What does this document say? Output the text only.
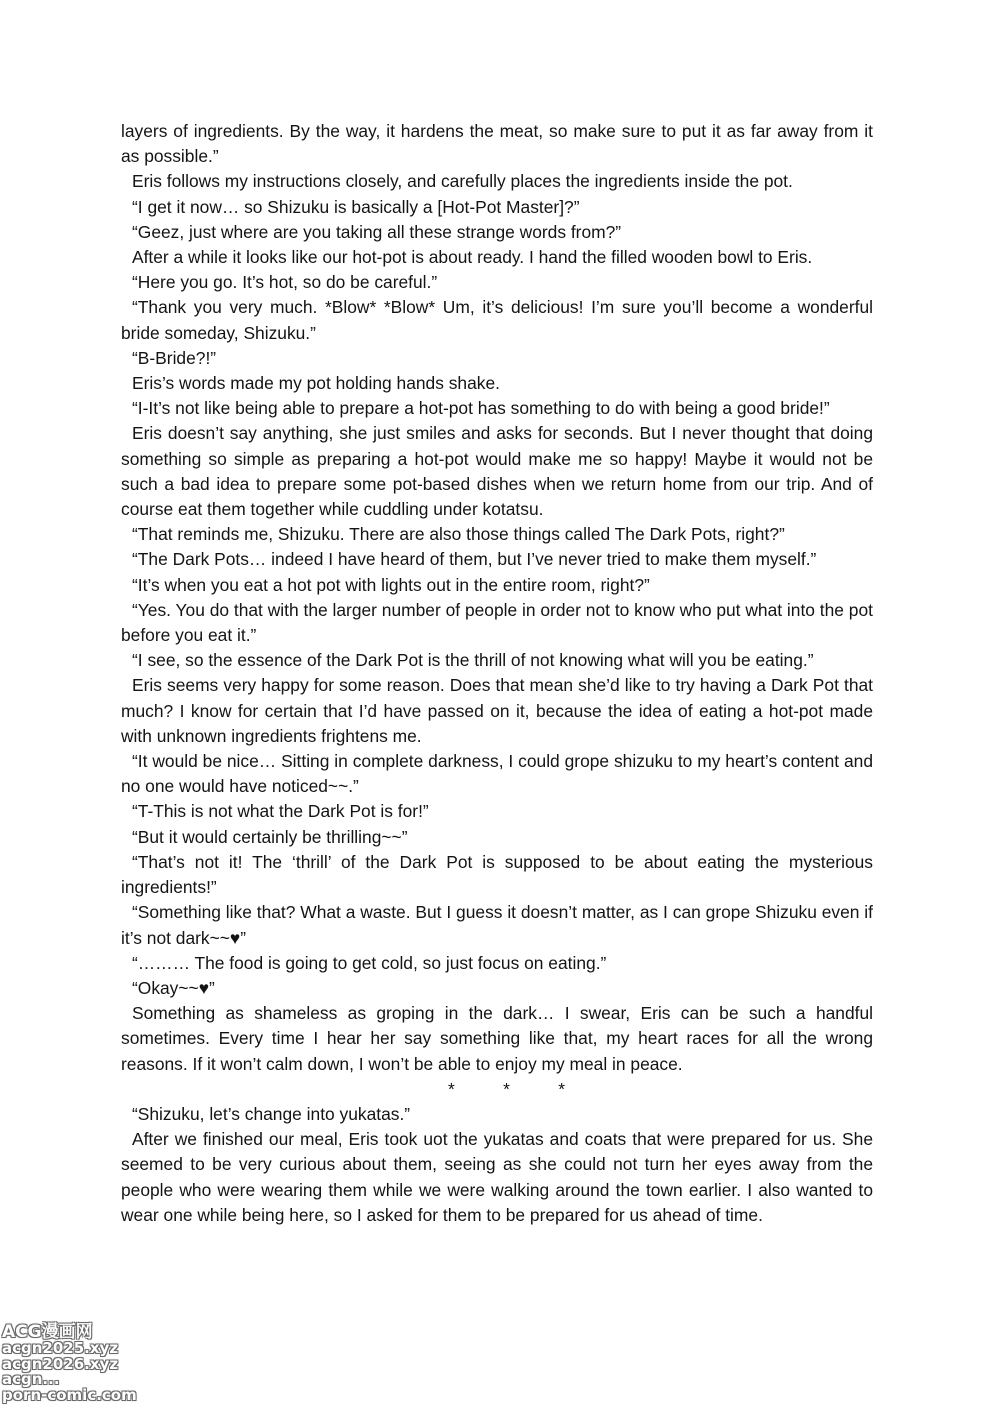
layers of ingredients. By the way, it hardens the meat, so make sure to put it as far away from it as possible.”

Eris follows my instructions closely, and carefully places the ingredients inside the pot.

“I get it now… so Shizuku is basically a [Hot-Pot Master]?”

“Geez, just where are you taking all these strange words from?”

After a while it looks like our hot-pot is about ready. I hand the filled wooden bowl to Eris.

“Here you go. It’s hot, so do be careful.”

“Thank you very much. *Blow* *Blow* Um, it’s delicious! I’m sure you’ll become a wonderful bride someday, Shizuku.”

“B-Bride?!”

Eris’s words made my pot holding hands shake.

“I-It’s not like being able to prepare a hot-pot has something to do with being a good bride!”

Eris doesn’t say anything, she just smiles and asks for seconds. But I never thought that doing something so simple as preparing a hot-pot would make me so happy! Maybe it would not be such a bad idea to prepare some pot-based dishes when we return home from our trip. And of course eat them together while cuddling under kotatsu.

“That reminds me, Shizuku. There are also those things called The Dark Pots, right?”

“The Dark Pots… indeed I have heard of them, but I’ve never tried to make them myself.”

“It’s when you eat a hot pot with lights out in the entire room, right?”

“Yes. You do that with the larger number of people in order not to know who put what into the pot before you eat it.”

“I see, so the essence of the Dark Pot is the thrill of not knowing what will you be eating.”

Eris seems very happy for some reason. Does that mean she’d like to try having a Dark Pot that much? I know for certain that I’d have passed on it, because the idea of eating a hot-pot made with unknown ingredients frightens me.

“It would be nice… Sitting in complete darkness, I could grope shizuku to my heart’s content and no one would have noticed~~.”

“T-This is not what the Dark Pot is for!”

“But it would certainly be thrilling~~”

“That’s not it! The ‘thrill’ of the Dark Pot is supposed to be about eating the mysterious ingredients!”

“Something like that? What a waste. But I guess it doesn’t matter, as I can grope Shizuku even if it’s not dark~~♥”

“……… The food is going to get cold, so just focus on eating.”

“Okay~~♥”

Something as shameless as groping in the dark… I swear, Eris can be such a handful sometimes. Every time I hear her say something like that, my heart races for all the wrong reasons. If it won’t calm down, I won’t be able to enjoy my meal in peace.

*          *          *

“Shizuku, let’s change into yukatas.”

After we finished our meal, Eris took uot the yukatas and coats that were prepared for us. She seemed to be very curious about them, seeing as she could not turn her eyes away from the people who were wearing them while we were walking around the town earlier. I also wanted to wear one while being here, so I asked for them to be prepared for us ahead of time.

ACG漫画网
acgn2025.xyz
acgn2026.xyz
acgn...
porn-comic.com
